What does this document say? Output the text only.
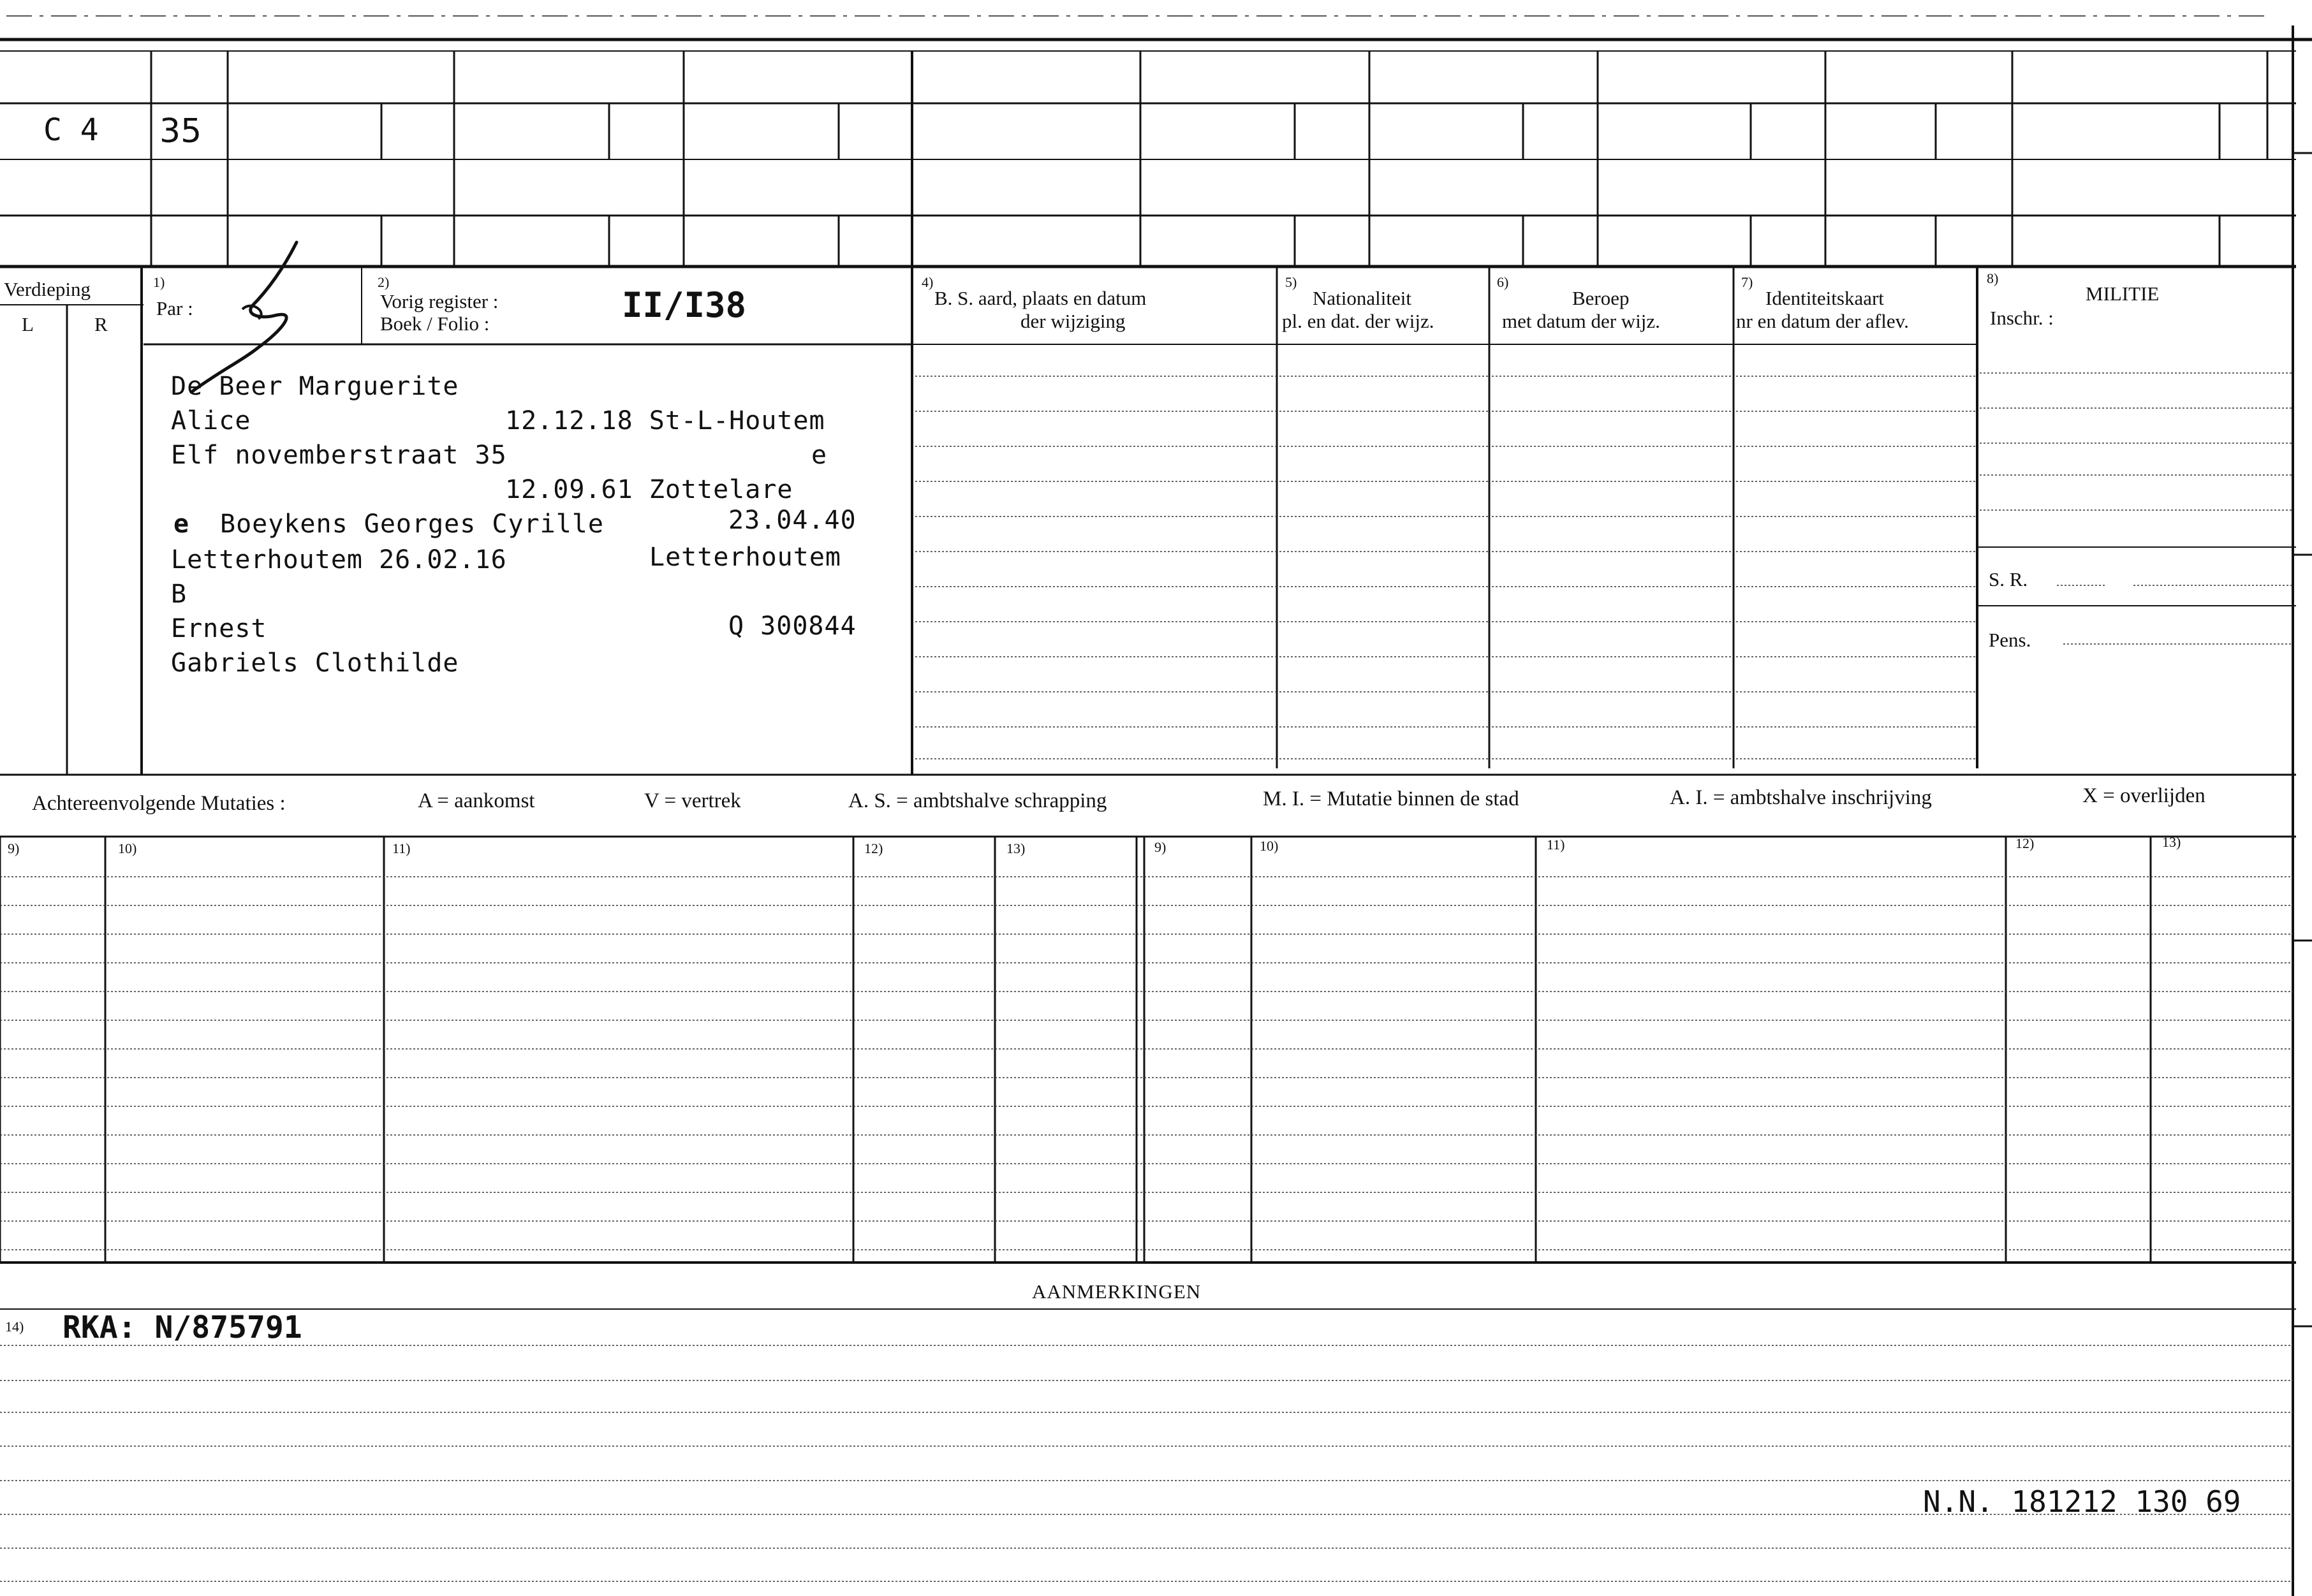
C 4 35
Verdieping
L	R
1)
Par :
2)
Vorig register :
Boek / Folio :	II/I38
4)
B. S. aard, plaats en datum
der wijziging
5)
Nationaliteit
pl. en dat. der wijz.
6)
Beroep
met datum der wijz.
7)
Identiteitskaart
nr en datum der aflev.
8)
MILITIE
Inschr. :
S. R.
Pens.
De Beer Marguerite
Alice	12.12.18 St-L-Houtem
Elf novemberstraat 35	e
12.09.61 Zottelare
e Boeykens Georges Cyrille	23.04.40
Letterhoutem 26.02.16	Letterhoutem
B
Ernest	Q 300844
Gabriels Clothilde
Achtereenvolgende Mutaties :	A = aankomst	V = vertrek	A. S. = ambtshalve schrapping	M. I. = Mutatie binnen de stad	A. I. = ambtshalve inschrijving	X = overlijden
9)	10)	11)	12)	13)	9)	10)	11)	12)	13)
AANMERKINGEN
14) RKA: N/875791
N.N. 181212 130 69
